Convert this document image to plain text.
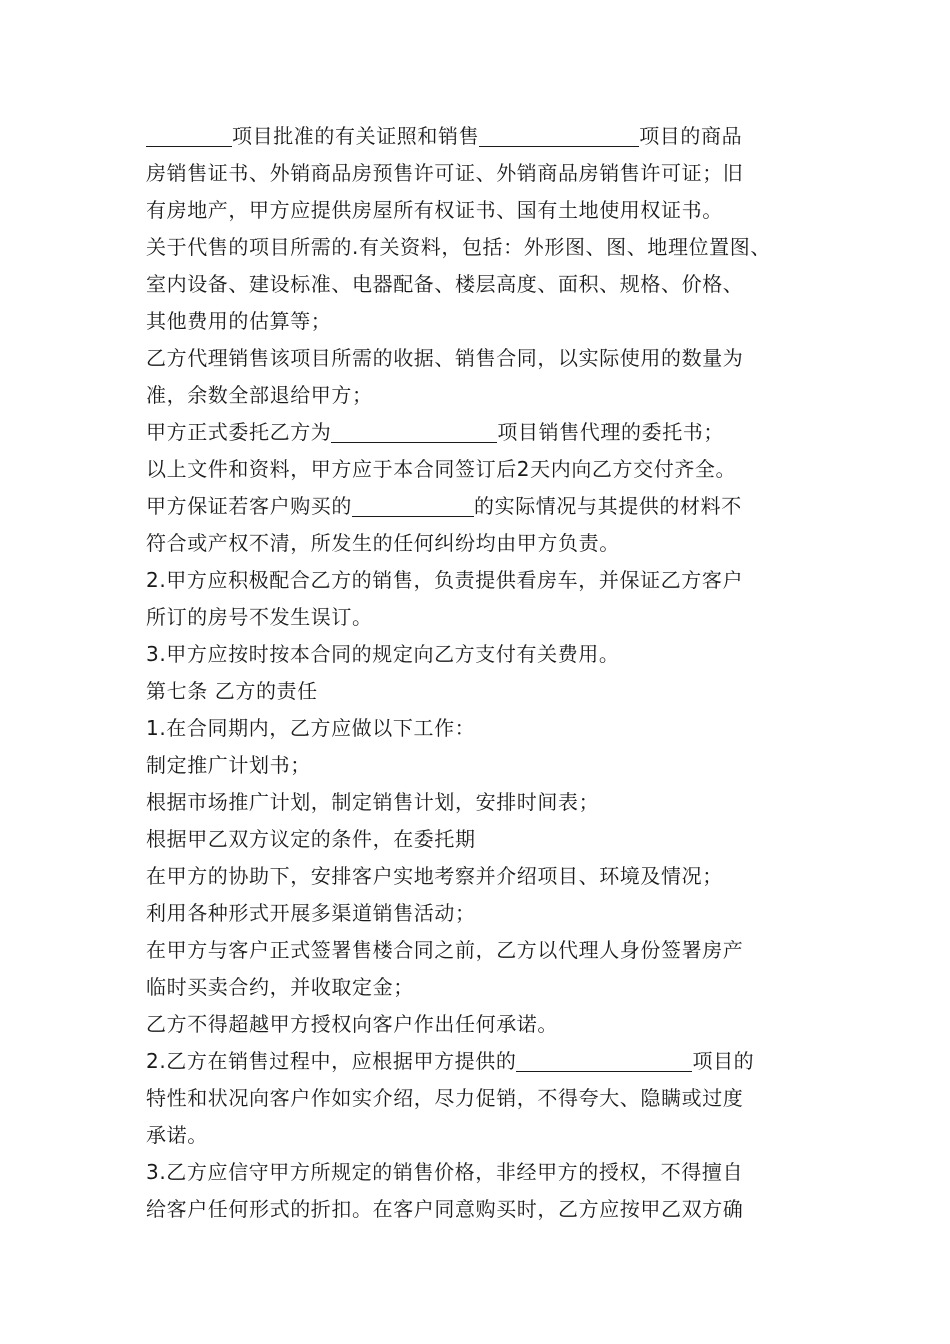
项目批准的有关证照和销售	项目的商品
房销售证书、外销商品房预售许可证、外销商品房销售许可证；旧
有房地产，甲方应提供房屋所有权证书、国有土地使用权证书。
关于代售的项目所需的.有关资料，包括：外形图、图、地理位置图、
室内设备、建设标准、电器配备、楼层高度、面积、规格、价格、
其他费用的估算等；
乙方代理销售该项目所需的收据、销售合同，以实际使用的数量为
准，余数全部退给甲方；
甲方正式委托乙方为	项目销售代理的委托书；
以上文件和资料，甲方应于本合同签订后2天内向乙方交付齐全。
甲方保证若客户购买的	的实际情况与其提供的材料不
符合或产权不清，所发生的任何纠纷均由甲方负责。
2.甲方应积极配合乙方的销售，负责提供看房车，并保证乙方客户
所订的房号不发生误订。
3.甲方应按时按本合同的规定向乙方支付有关费用。
第七条 乙方的责任
1.在合同期内，乙方应做以下工作：
制定推广计划书；
根据市场推广计划，制定销售计划，安排时间表；
根据甲乙双方议定的条件，在委托期
在甲方的协助下，安排客户实地考察并介绍项目、环境及情况；
利用各种形式开展多渠道销售活动；
在甲方与客户正式签署售楼合同之前，乙方以代理人身份签署房产
临时买卖合约，并收取定金；
乙方不得超越甲方授权向客户作出任何承诺。
2.乙方在销售过程中，应根据甲方提供的	项目的
特性和状况向客户作如实介绍，尽力促销，不得夸大、隐瞒或过度
承诺。
3.乙方应信守甲方所规定的销售价格，非经甲方的授权，不得擅自
给客户任何形式的折扣。在客户同意购买时，乙方应按甲乙双方确
